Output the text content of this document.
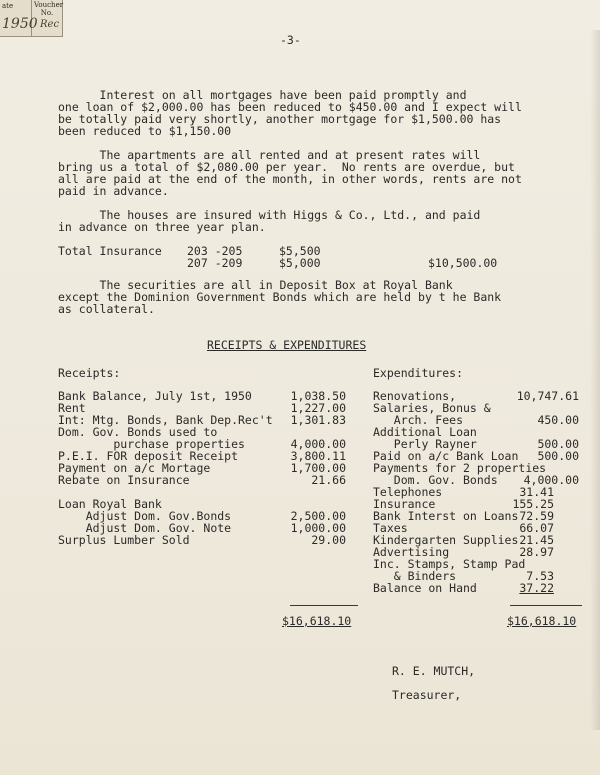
ate	Voucher No.
1950 Rec
-3-
Interest on all mortgages have been paid promptly and
one loan of $2,000.00 has been reduced to $450.00 and I expect will
be totally paid very shortly, another mortgage for $1,500.00 has
been reduced to $1,150.00
The apartments are all rented and at present rates will
bring us a total of $2,080.00 per year.  No rents are overdue, but
all are paid at the end of the month, in other words, rents are not
paid in advance.
The houses are insured with Higgs & Co., Ltd., and paid
in advance on three year plan.
Total Insurance 203 -205	$5,500
207 -209	$5,000	$10,500.00
The securities are all in Deposit Box at Royal Bank
except the Dominion Government Bonds which are held by t he Bank
as collateral.
RECEIPTS & EXPENDITURES
Receipts:
Bank Balance, July 1st, 1950	1,038.50
Rent	1,227.00
Int: Mtg. Bonds, Bank Dep.Rec't 1,301.83
Dom. Gov. Bonds used to
purchase properties	4,000.00
P.E.I. FOR deposit Receipt	3,800.11
Payment on a/c Mortage	1,700.00
Rebate on Insurance	21.66
Loan Royal Bank
Adjust Dom. Gov.Bonds	2,500.00
Adjust Dom. Gov. Note	1,000.00
Surplus Lumber Sold	29.00
$16,618.10
Expenditures:
Renovations,	10,747.61
Salaries, Bonus &
Arch. Fees	450.00
Additional Loan
Perly Rayner	500.00
Paid on a/c Bank Loan 500.00
Payments for 2 properties
Dom. Gov. Bonds 4,000.00
Telephones	31.41
Insurance	155.25
Bank Interst on Loans 72.59
Taxes	66.07
Kindergarten Supplies 21.45
Advertising	28.97
Inc. Stamps, Stamp Pad
& Binders	7.53
Balance on Hand	37.22
$16,618.10
R. E. MUTCH,
Treasurer,
